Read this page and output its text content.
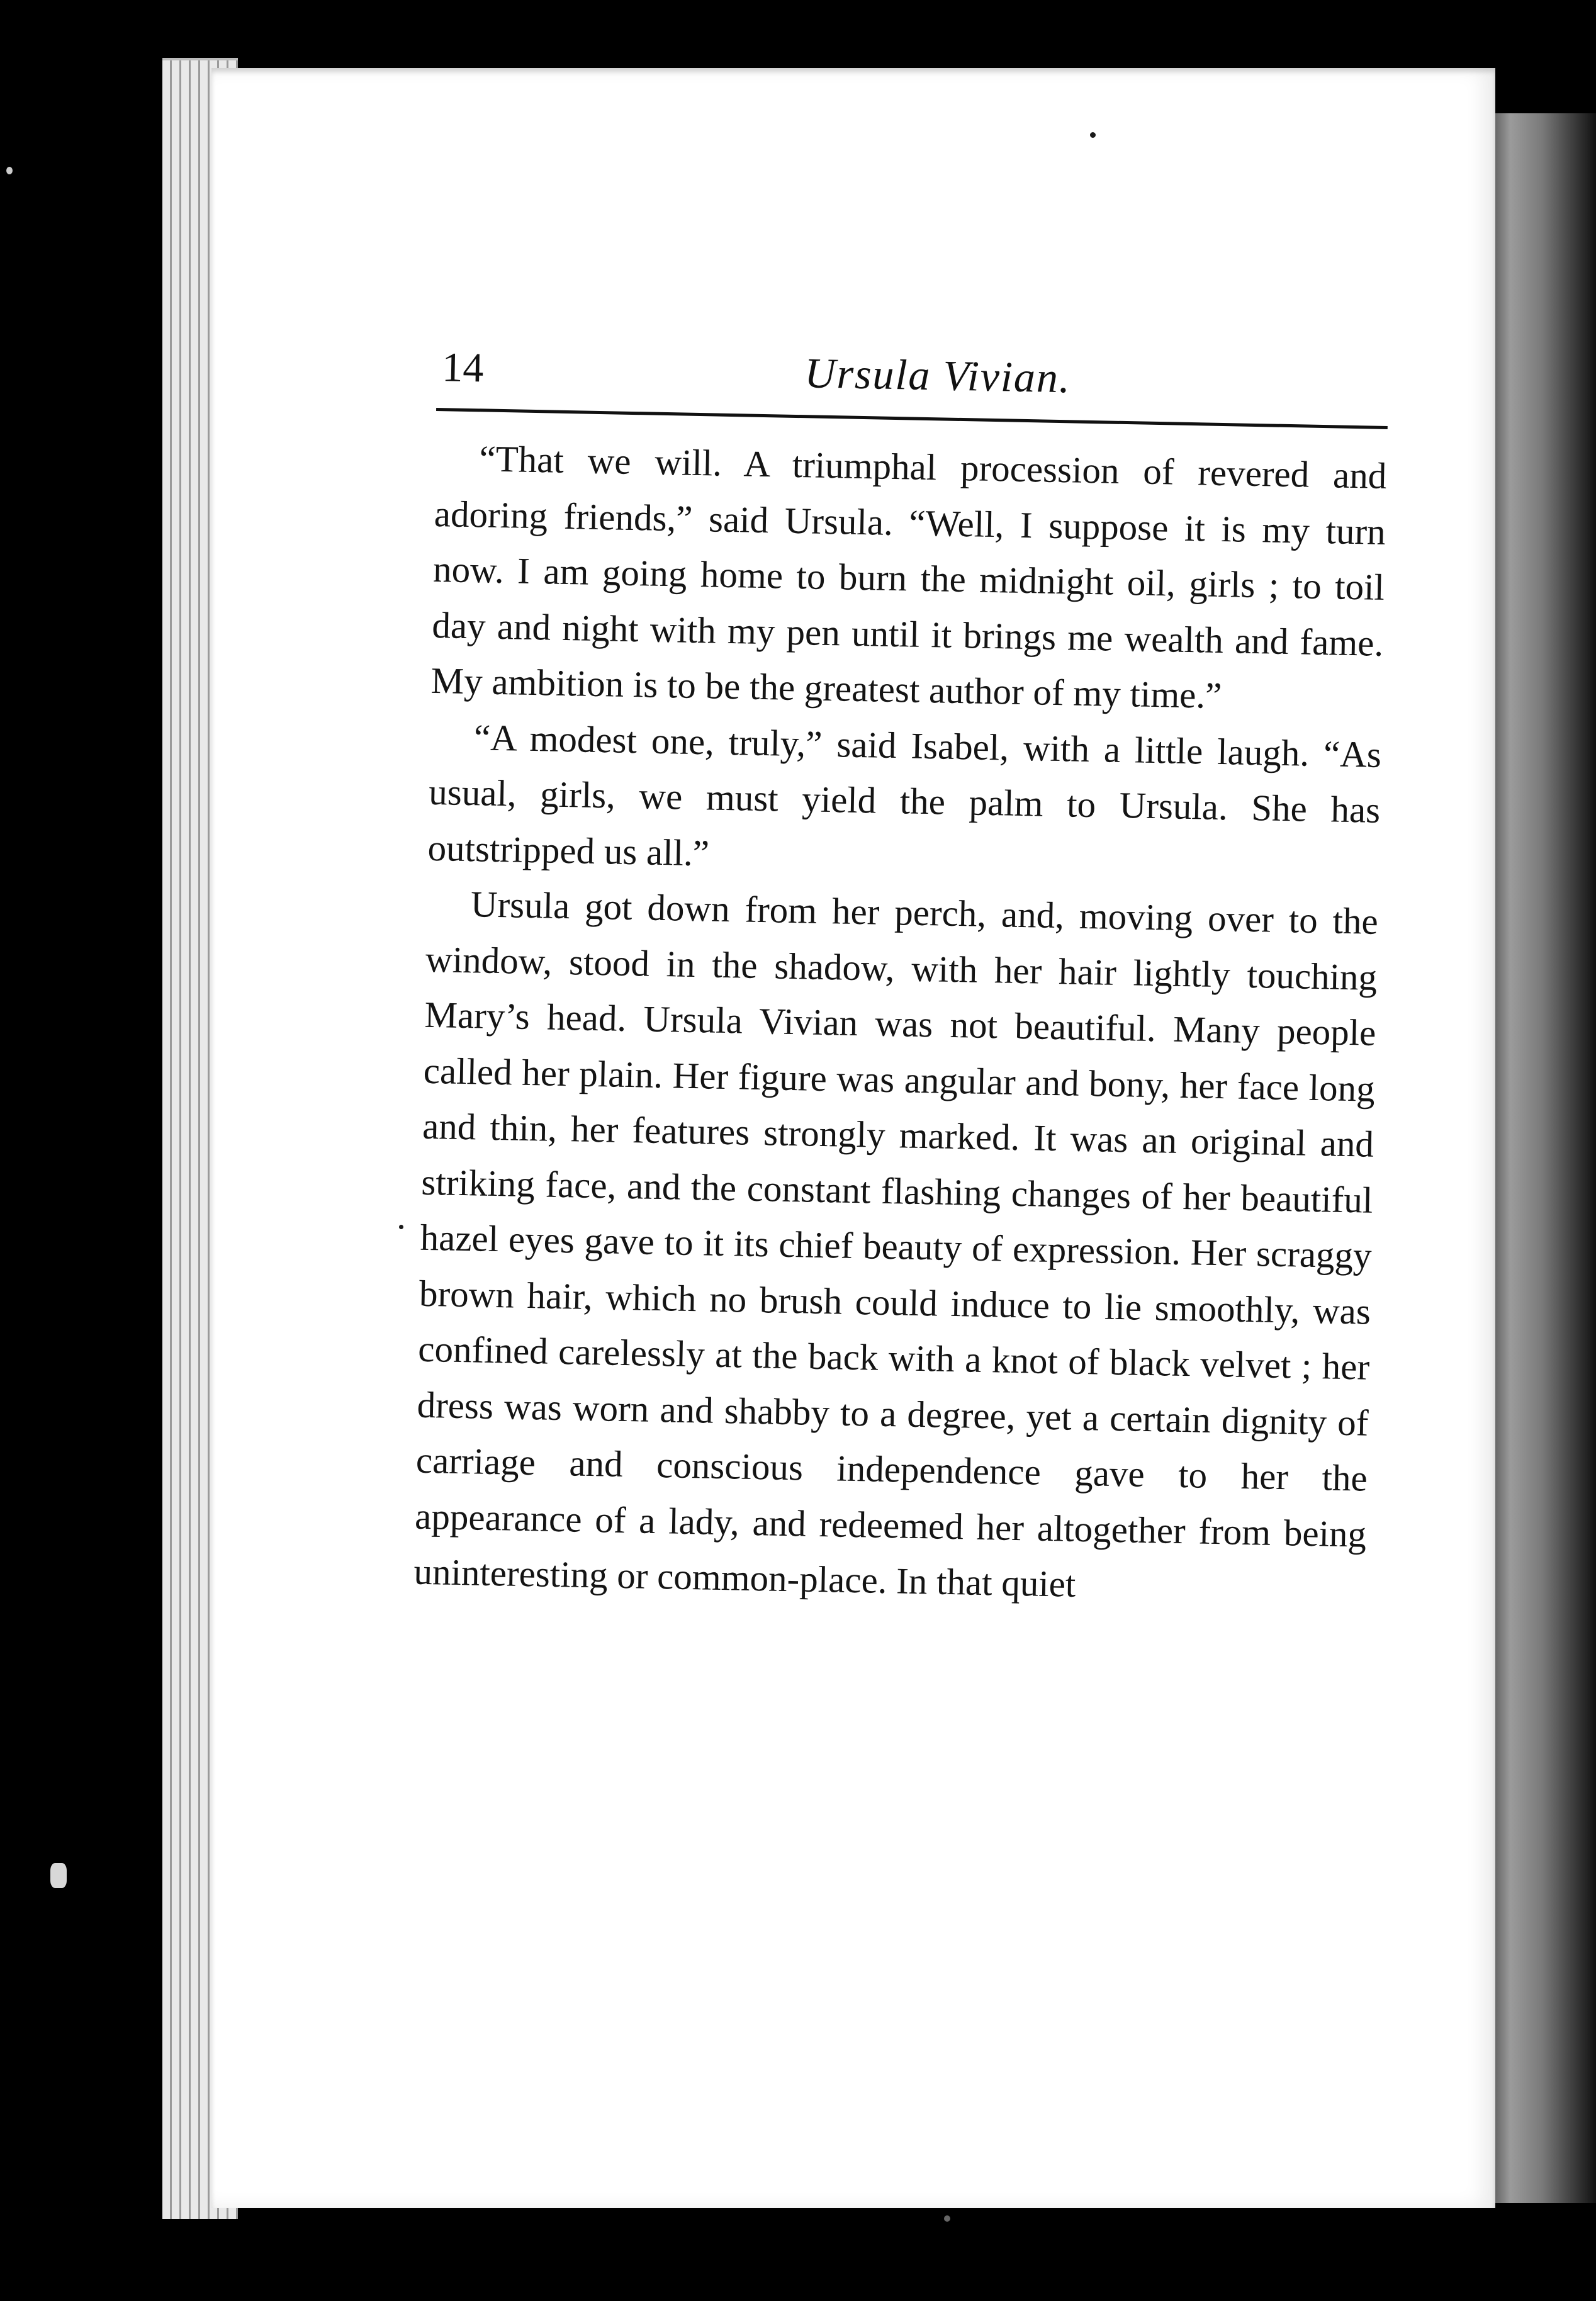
14	Ursula Vivian.

“That we will. A triumphal procession of revered and adoring friends,” said Ursula. “Well, I suppose it is my turn now. I am going home to burn the midnight oil, girls ; to toil day and night with my pen until it brings me wealth and fame. My ambition is to be the greatest author of my time.”

“A modest one, truly,” said Isabel, with a little laugh. “As usual, girls, we must yield the palm to Ursula. She has outstripped us all.”

Ursula got down from her perch, and, moving over to the window, stood in the shadow, with her hair lightly touching Mary’s head. Ursula Vivian was not beautiful. Many people called her plain. Her figure was angular and bony, her face long and thin, her features strongly marked. It was an original and striking face, and the constant flashing changes of her beautiful hazel eyes gave to it its chief beauty of expression. Her scraggy brown hair, which no brush could induce to lie smoothly, was confined carelessly at the back with a knot of black velvet ; her dress was worn and shabby to a degree, yet a certain dignity of carriage and conscious independence gave to her the appearance of a lady, and redeemed her altogether from being uninteresting or common-place. In that quiet
